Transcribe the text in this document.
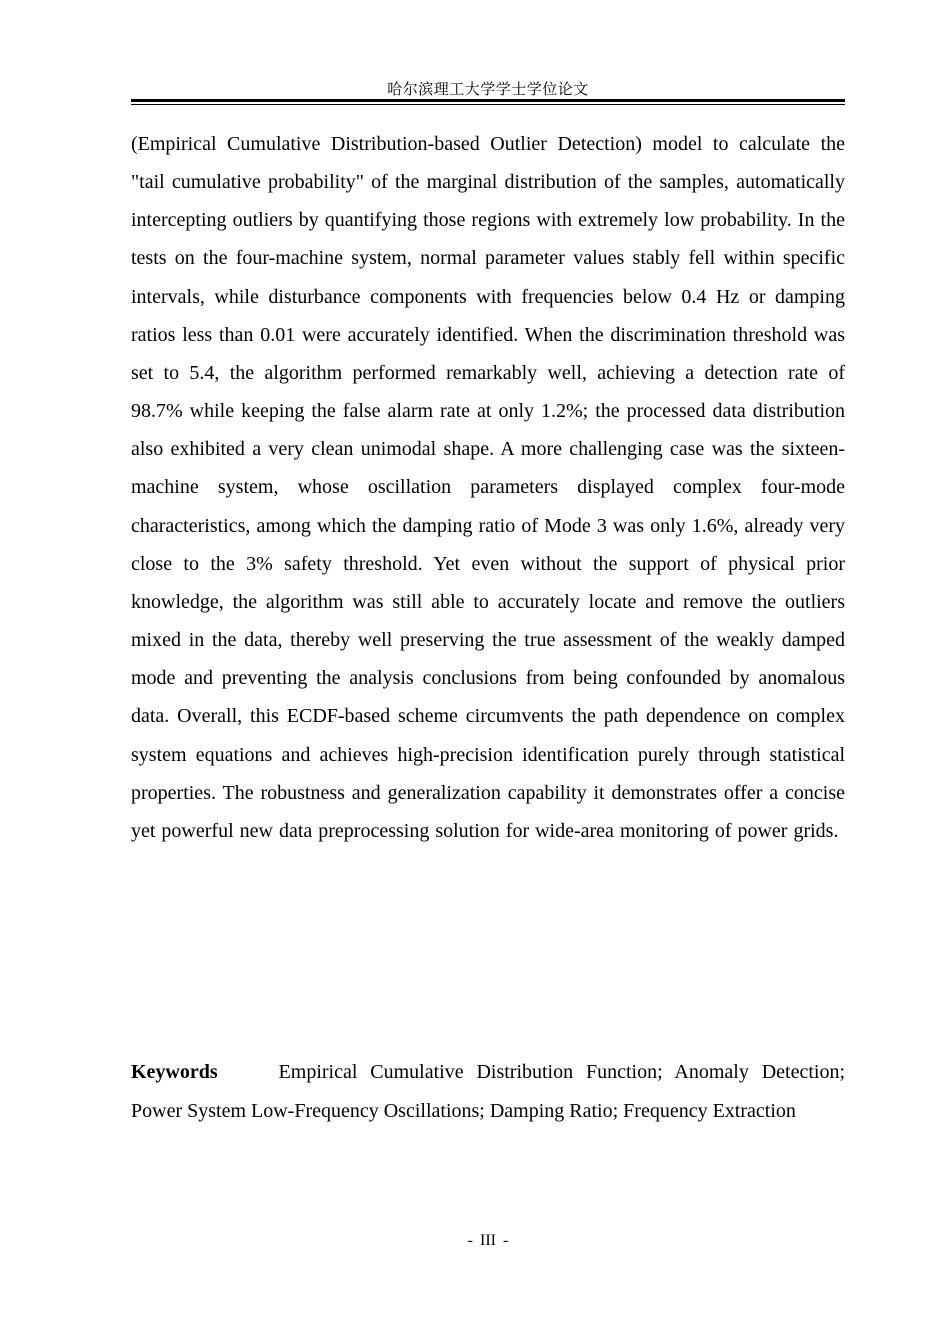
哈尔滨理工大学学士学位论文

(Empirical Cumulative Distribution-based Outlier Detection) model to calculate the "tail cumulative probability" of the marginal distribution of the samples, automatically intercepting outliers by quantifying those regions with extremely low probability. In the tests on the four-machine system, normal parameter values stably fell within specific intervals, while disturbance components with frequencies below 0.4 Hz or damping ratios less than 0.01 were accurately identified. When the discrimination threshold was set to 5.4, the algorithm performed remarkably well, achieving a detection rate of 98.7% while keeping the false alarm rate at only 1.2%; the processed data distribution also exhibited a very clean unimodal shape. A more challenging case was the sixteen-machine system, whose oscillation parameters displayed complex four-mode characteristics, among which the damping ratio of Mode 3 was only 1.6%, already very close to the 3% safety threshold. Yet even without the support of physical prior knowledge, the algorithm was still able to accurately locate and remove the outliers mixed in the data, thereby well preserving the true assessment of the weakly damped mode and preventing the analysis conclusions from being confounded by anomalous data. Overall, this ECDF-based scheme circumvents the path dependence on complex system equations and achieves high-precision identification purely through statistical properties. The robustness and generalization capability it demonstrates offer a concise yet powerful new data preprocessing solution for wide-area monitoring of power grids.

Keywords	Empirical Cumulative Distribution Function; Anomaly Detection; Power System Low-Frequency Oscillations; Damping Ratio; Frequency Extraction

- III -
